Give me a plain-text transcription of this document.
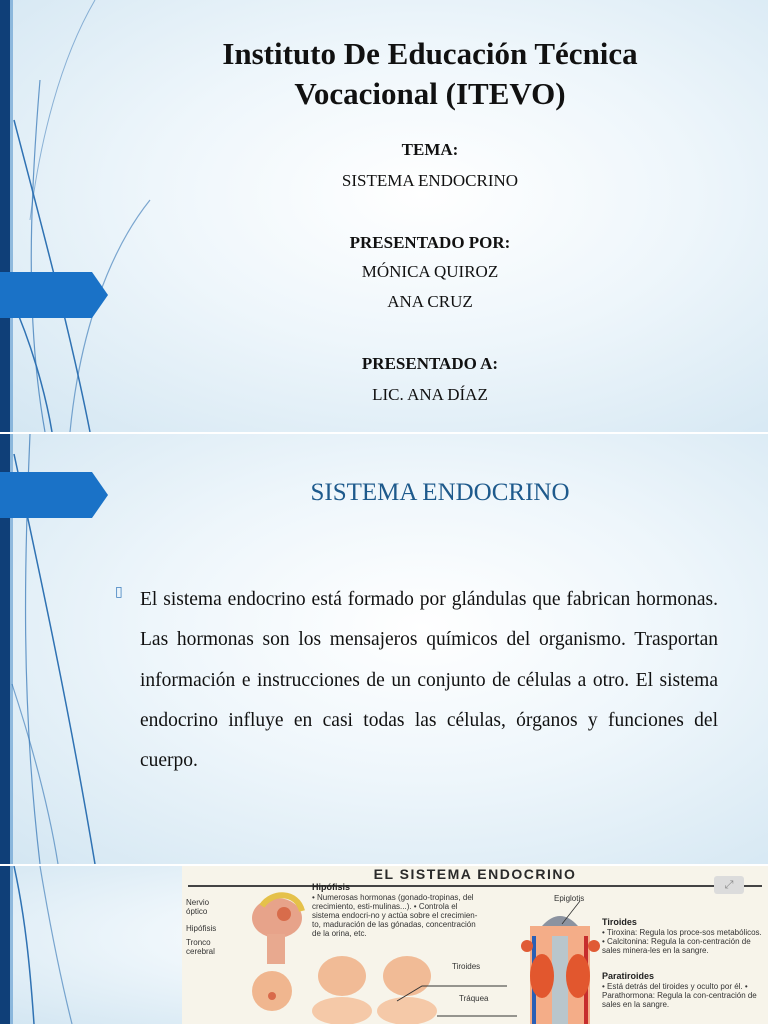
Instituto De Educación Técnica
Vocacional (ITEVO)
TEMA:
SISTEMA ENDOCRINO
PRESENTADO POR:
MÓNICA QUIROZ
ANA CRUZ
PRESENTADO A:
LIC. ANA DÍAZ
SISTEMA ENDOCRINO
▯ El sistema endocrino está formado por glándulas que fabrican hormonas. Las hormonas son los mensajeros químicos del organismo. Trasportan información e instrucciones de un conjunto de células a otro. El sistema endocrino influye en casi todas las células, órganos y funciones del cuerpo.
EL SISTEMA ENDOCRINO
Nervio óptico
Hipófisis
Tronco cerebral
Hipófisis
• Numerosas hormonas (gonado-tropinas, del crecimiento, esti-mulinas...). • Controla el sistema endocri-no y actúa sobre el crecimien-to, maduración de las gónadas, concentración de la orina, etc.
Epiglotis
Tiroides
• Tiroxina: Regula los proce-sos metabólicos. • Calcitonina: Regula la con-centración de sales minera-les en la sangre.
Tiroides
Tráquea
Paratiroides
• Está detrás del tiroides y oculto por él. • Parathormona: Regula la con-centración de sales en la sangre.
⤢
